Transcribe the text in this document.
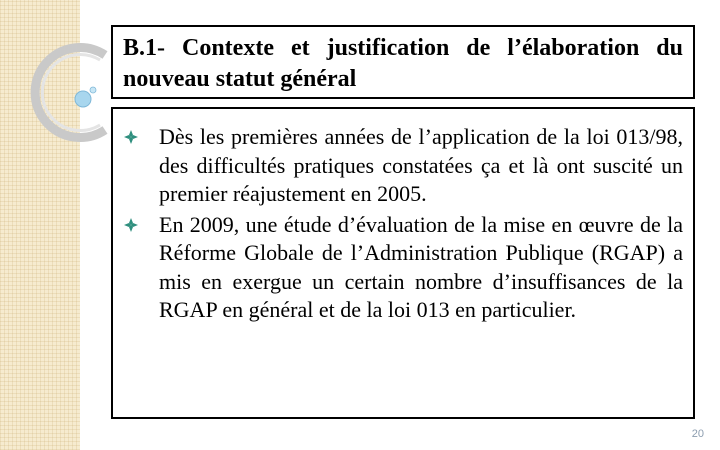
B.1- Contexte et justification de l’élaboration du nouveau statut général
Dès les premières années de l’application de la loi 013/98, des difficultés pratiques constatées ça et là ont suscité un premier réajustement en 2005.
En 2009, une étude d’évaluation de la mise en œuvre de la Réforme Globale de l’Administration Publique (RGAP) a mis en exergue un certain nombre d’insuffisances de la RGAP en général et de la loi 013 en particulier.
20
